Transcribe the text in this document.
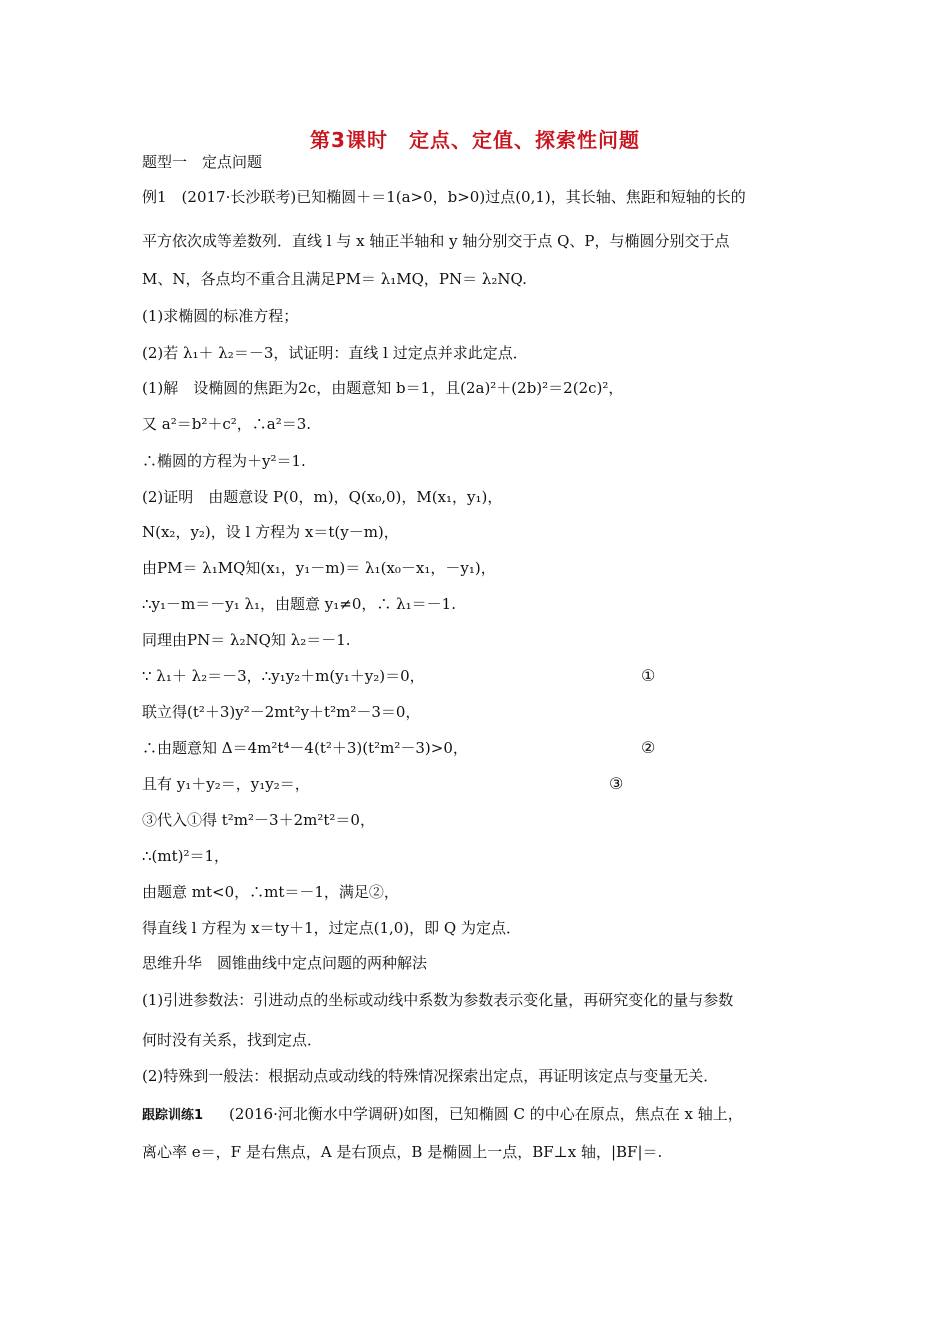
第3课时　定点、定值、探索性问题
题型一　定点问题
例1　(2017·长沙联考)已知椭圆＋＝1(a>0，b>0)过点(0,1)，其长轴、焦距和短轴的长的
平方依次成等差数列．直线 l 与 x 轴正半轴和 y 轴分别交于点 Q、P，与椭圆分别交于点
M、N，各点均不重合且满足PM＝ λ₁MQ，PN＝ λ₂NQ.
(1)求椭圆的标准方程；
(2)若 λ₁＋ λ₂＝－3，试证明：直线 l 过定点并求此定点．
(1)解　设椭圆的焦距为2c，由题意知 b＝1，且(2a)²＋(2b)²＝2(2c)²，
又 a²＝b²＋c²，∴a²＝3.
∴椭圆的方程为＋y²＝1.
(2)证明　由题意设 P(0，m)，Q(x₀,0)，M(x₁，y₁)，
N(x₂，y₂)，设 l 方程为 x＝t(y－m)，
由PM＝ λ₁MQ知(x₁，y₁－m)＝ λ₁(x₀－x₁，－y₁)，
∴y₁－m＝－y₁ λ₁，由题意 y₁≠0，∴ λ₁＝－1.
同理由PN＝ λ₂NQ知 λ₂＝－1.
∵ λ₁＋ λ₂＝－3，∴y₁y₂＋m(y₁＋y₂)＝0，	①
联立得(t²＋3)y²－2mt²y＋t²m²－3＝0，
∴由题意知 Δ＝4m²t⁴－4(t²＋3)(t²m²－3)>0，	②
且有 y₁＋y₂＝，y₁y₂＝，	③
③代入①得 t²m²－3＋2m²t²＝0，
∴(mt)²＝1，
由题意 mt<0，∴mt＝－1，满足②，
得直线 l 方程为 x＝ty＋1，过定点(1,0)，即 Q 为定点．
思维升华　圆锥曲线中定点问题的两种解法
(1)引进参数法：引进动点的坐标或动线中系数为参数表示变化量，再研究变化的量与参数
何时没有关系，找到定点．
(2)特殊到一般法：根据动点或动线的特殊情况探索出定点，再证明该定点与变量无关．
跟踪训练1 (2016·河北衡水中学调研)如图，已知椭圆 C 的中心在原点，焦点在 x 轴上，
离心率 e＝，F 是右焦点，A 是右顶点，B 是椭圆上一点，BF⊥x 轴，|BF|＝.
